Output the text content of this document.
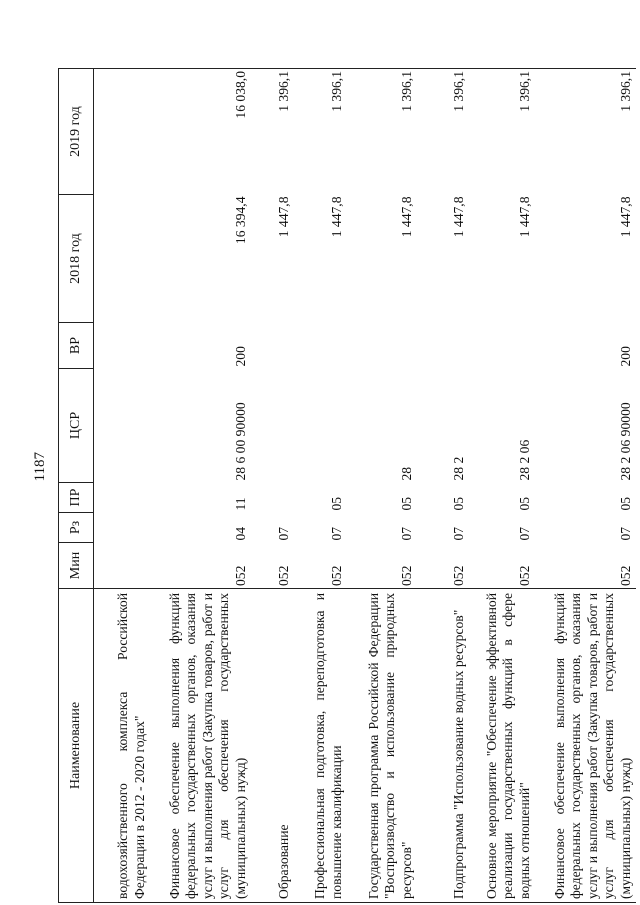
1187
Наименование	Мин	Рз	ПР	ЦСР	ВР	2018 год	2019 год
водохозяйственного комплекса Российской Федерации в 2012 - 2020 годах"							
Финансовое обеспечение выполнения функций федеральных государственных органов, оказания услуг и выполнения работ (Закупка товаров, работ и услуг для обеспечения государственных (муниципальных) нужд)	052	04	11	28 6 00 90000	200	16 394,4	16 038,0
Образование	052	07				1 447,8	1 396,1
Профессиональная подготовка, переподготовка и повышение квалификации	052	07	05			1 447,8	1 396,1
Государственная программа Российской Федерации "Воспроизводство и использование природных ресурсов"	052	07	05	28		1 447,8	1 396,1
Подпрограмма "Использование водных ресурсов"	052	07	05	28 2		1 447,8	1 396,1
Основное мероприятие "Обеспечение эффективной реализации государственных функций в сфере водных отношений"	052	07	05	28 2 06		1 447,8	1 396,1
Финансовое обеспечение выполнения функций федеральных государственных органов, оказания услуг и выполнения работ (Закупка товаров, работ и услуг для обеспечения государственных (муниципальных) нужд)	052	07	05	28 2 06 90000	200	1 447,8	1 396,1
